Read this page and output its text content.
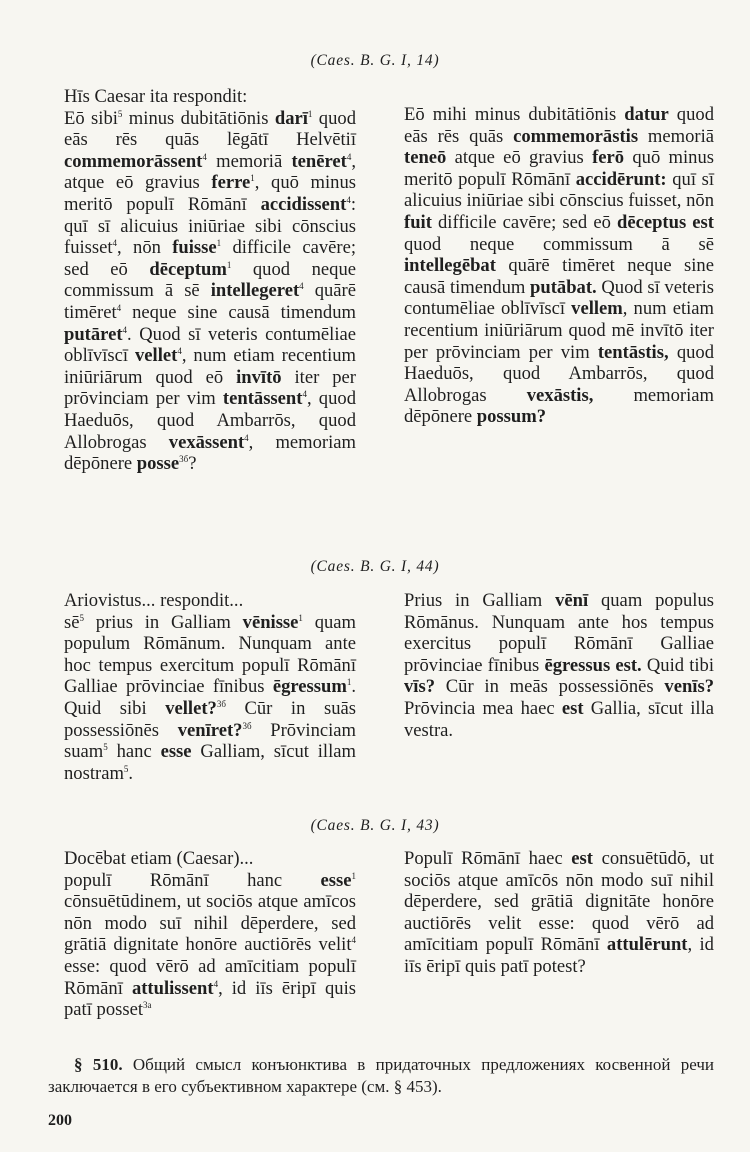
(Caes. B. G. I, 14)
Hīs Caesar ita respondit:
Eō sibi$^5$ minus dubitātiōnis darī$^1$ quod eās rēs quās lēgātī Helvētiī commemorāssent$^4$ memoriā tenēret$^4$, atque eō gravius ferre$^1$, quō minus meritō populī Rōmānī accidissent$^4$: quī sī alicuius iniūriae sibi cōnscius fuisset$^4$, nōn fuisse$^1$ difficile cavēre; sed eō dēceptum$^1$ quod neque commissum ā sē intellegeret$^4$ quārē timēret$^4$ neque sine causā timendum putāret$^4$. Quod sī veteris contumēliae oblīvīscī vellet$^4$, num etiam recentium iniūriārum quod eō invītō iter per prōvinciam per vim tentāssent$^4$, quod Haeduōs, quod Ambarrōs, quod Allobrogas vexāssent$^4$, memoriam dēpōnere posse$^{3б}$?
Eō mihi minus dubitātiōnis datur quod eās rēs quās commemorāstis memoriā teneō atque eō gravius ferō quō minus meritō populī Rōmānī accidērunt: quī sī alicuius iniūriae sibi cōnscius fuisset, nōn fuit difficile cavēre; sed eō dēceptus est quod neque commissum ā sē intellegēbat quārē timēret neque sine causā timendum putābat. Quod sī veteris contumēliae oblīvīscī vellem, num etiam recentium iniūriārum quod mē invītō iter per prōvinciam per vim tentāstis, quod Haeduōs, quod Ambarrōs, quod Allobrogas vexāstis, memoriam dēpōnere possum?
(Caes. B. G. I, 44)
Ariovistus... respondit...
$sē^5$ prius in Galliam vēnisse$^1$ quam populum Rōmānum. Nunquam ante hoc tempus exercitum populī Rōmānī Galliae prōvinciae fīnibus ēgressum$^1$. Quid sibi vellet?$^{3б}$ Cūr in suās possessiōnēs venīret?$^{3б}$ Prōvinciam suam$^5$ hanc esse Galliam, sīcut illam nostram$^5$.
Prius in Galliam vēnī quam populus Rōmānus. Nunquam ante hos tempus exercitus populī Rōmānī Galliae prōvinciae fīnibus ēgressus est. Quid tibi vīs? Cūr in meās possessiōnēs venīs? Prōvincia mea haec est Gallia, sīcut illa vestra.
(Caes. B. G. I, 43)
Docēbat etiam (Caesar)...
populī Rōmānī hanc esse$^1$ cōnsuētūdinem, ut sociōs atque amīcos nōn modo suī nihil dēperdere, sed grātiā dignitate honōre auctiōrēs velit$^4$ esse: quod vērō ad amīcitiam populī Rōmānī attulissent$^4$, id iīs ēripī quis patī posset$^{3а}$
Populī Rōmānī haec est consuētūdō, ut sociōs atque amīcōs nōn modo suī nihil dēperdere, sed grātiā dignitāte honōre auctiōrēs velit esse: quod vērō ad amīcitiam populī Rōmānī attulērunt, id iīs ēripī quis patī potest?
§ 510. Общий смысл конъюнктива в придаточных предложениях косвенной речи заключается в его субъективном характере (см. § 453).
200
